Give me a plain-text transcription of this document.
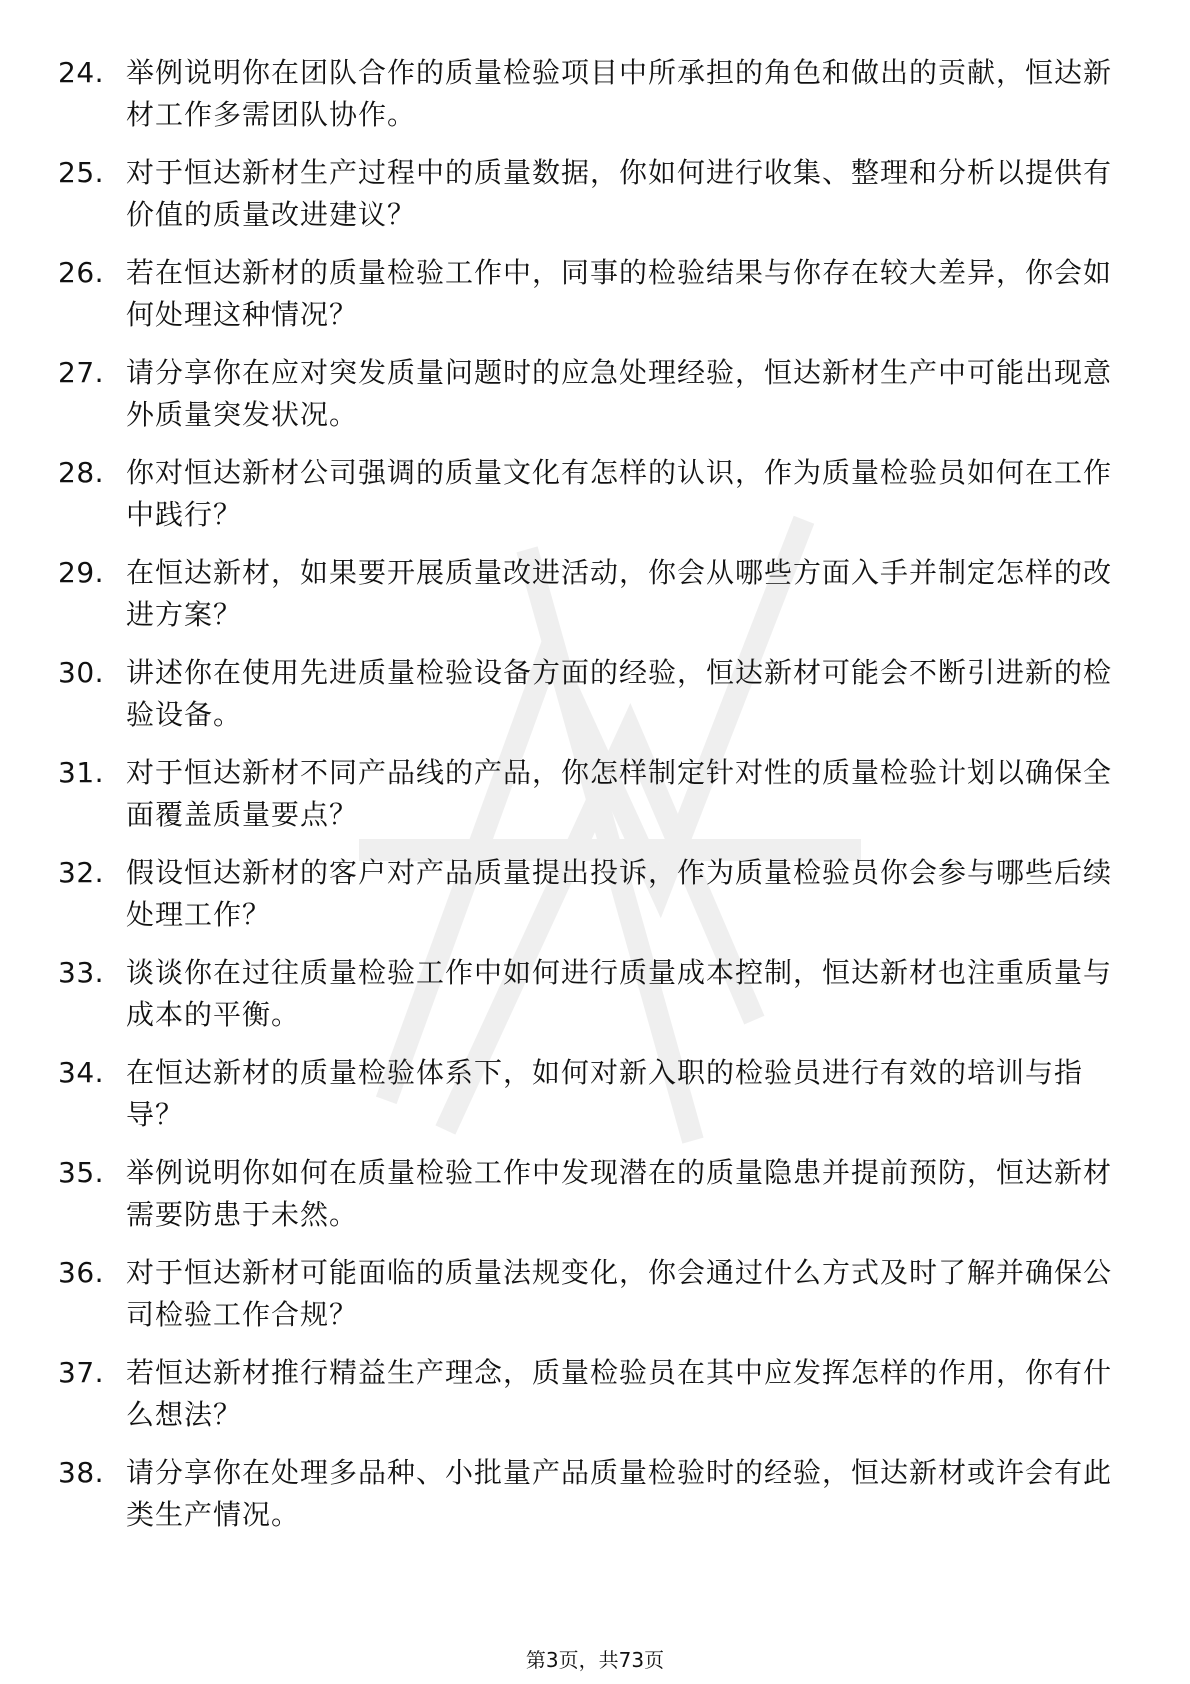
24. 举例说明你在团队合作的质量检验项目中所承担的角色和做出的贡献，恒达新材工作多需团队协作。
25. 对于恒达新材生产过程中的质量数据，你如何进行收集、整理和分析以提供有价值的质量改进建议？
26. 若在恒达新材的质量检验工作中，同事的检验结果与你存在较大差异，你会如何处理这种情况？
27. 请分享你在应对突发质量问题时的应急处理经验，恒达新材生产中可能出现意外质量突发状况。
28. 你对恒达新材公司强调的质量文化有怎样的认识，作为质量检验员如何在工作中践行？
29. 在恒达新材，如果要开展质量改进活动，你会从哪些方面入手并制定怎样的改进方案？
30. 讲述你在使用先进质量检验设备方面的经验，恒达新材可能会不断引进新的检验设备。
31. 对于恒达新材不同产品线的产品，你怎样制定针对性的质量检验计划以确保全面覆盖质量要点？
32. 假设恒达新材的客户对产品质量提出投诉，作为质量检验员你会参与哪些后续处理工作？
33. 谈谈你在过往质量检验工作中如何进行质量成本控制，恒达新材也注重质量与成本的平衡。
34. 在恒达新材的质量检验体系下，如何对新入职的检验员进行有效的培训与指导？
35. 举例说明你如何在质量检验工作中发现潜在的质量隐患并提前预防，恒达新材需要防患于未然。
36. 对于恒达新材可能面临的质量法规变化，你会通过什么方式及时了解并确保公司检验工作合规？
37. 若恒达新材推行精益生产理念，质量检验员在其中应发挥怎样的作用，你有什么想法？
38. 请分享你在处理多品种、小批量产品质量检验时的经验，恒达新材或许会有此类生产情况。
第3页，共73页
